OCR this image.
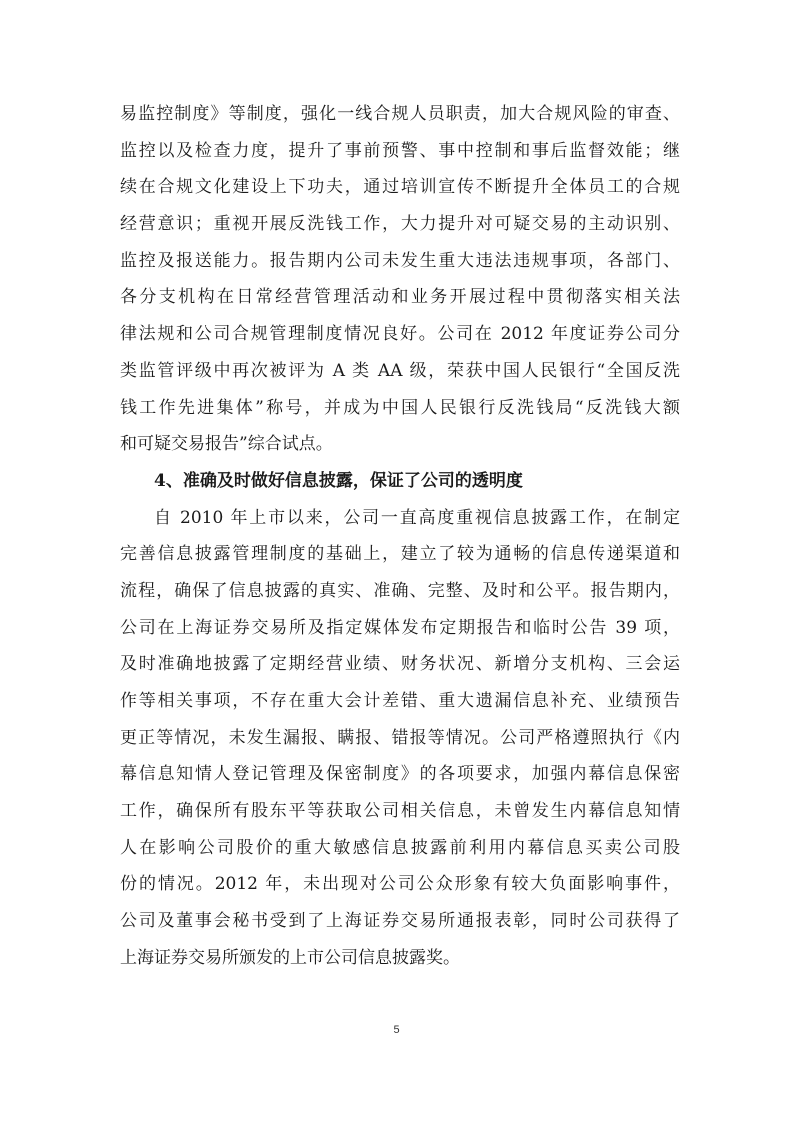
易监控制度》等制度，强化一线合规人员职责，加大合规风险的审查、
监控以及检查力度，提升了事前预警、事中控制和事后监督效能；继
续在合规文化建设上下功夫，通过培训宣传不断提升全体员工的合规
经营意识；重视开展反洗钱工作，大力提升对可疑交易的主动识别、
监控及报送能力。报告期内公司未发生重大违法违规事项，各部门、
各分支机构在日常经营管理活动和业务开展过程中贯彻落实相关法
律法规和公司合规管理制度情况良好。公司在 2012 年度证券公司分
类监管评级中再次被评为 A 类 AA 级，荣获中国人民银行“全国反洗
钱工作先进集体”称号，并成为中国人民银行反洗钱局“反洗钱大额
和可疑交易报告”综合试点。
4、准确及时做好信息披露，保证了公司的透明度
自 2010 年上市以来，公司一直高度重视信息披露工作，在制定
完善信息披露管理制度的基础上，建立了较为通畅的信息传递渠道和
流程，确保了信息披露的真实、准确、完整、及时和公平。报告期内，
公司在上海证券交易所及指定媒体发布定期报告和临时公告 39 项，
及时准确地披露了定期经营业绩、财务状况、新增分支机构、三会运
作等相关事项，不存在重大会计差错、重大遗漏信息补充、业绩预告
更正等情况，未发生漏报、瞒报、错报等情况。公司严格遵照执行《内
幕信息知情人登记管理及保密制度》的各项要求，加强内幕信息保密
工作，确保所有股东平等获取公司相关信息，未曾发生内幕信息知情
人在影响公司股价的重大敏感信息披露前利用内幕信息买卖公司股
份的情况。2012 年，未出现对公司公众形象有较大负面影响事件，
公司及董事会秘书受到了上海证券交易所通报表彰，同时公司获得了
上海证券交易所颁发的上市公司信息披露奖。
5
